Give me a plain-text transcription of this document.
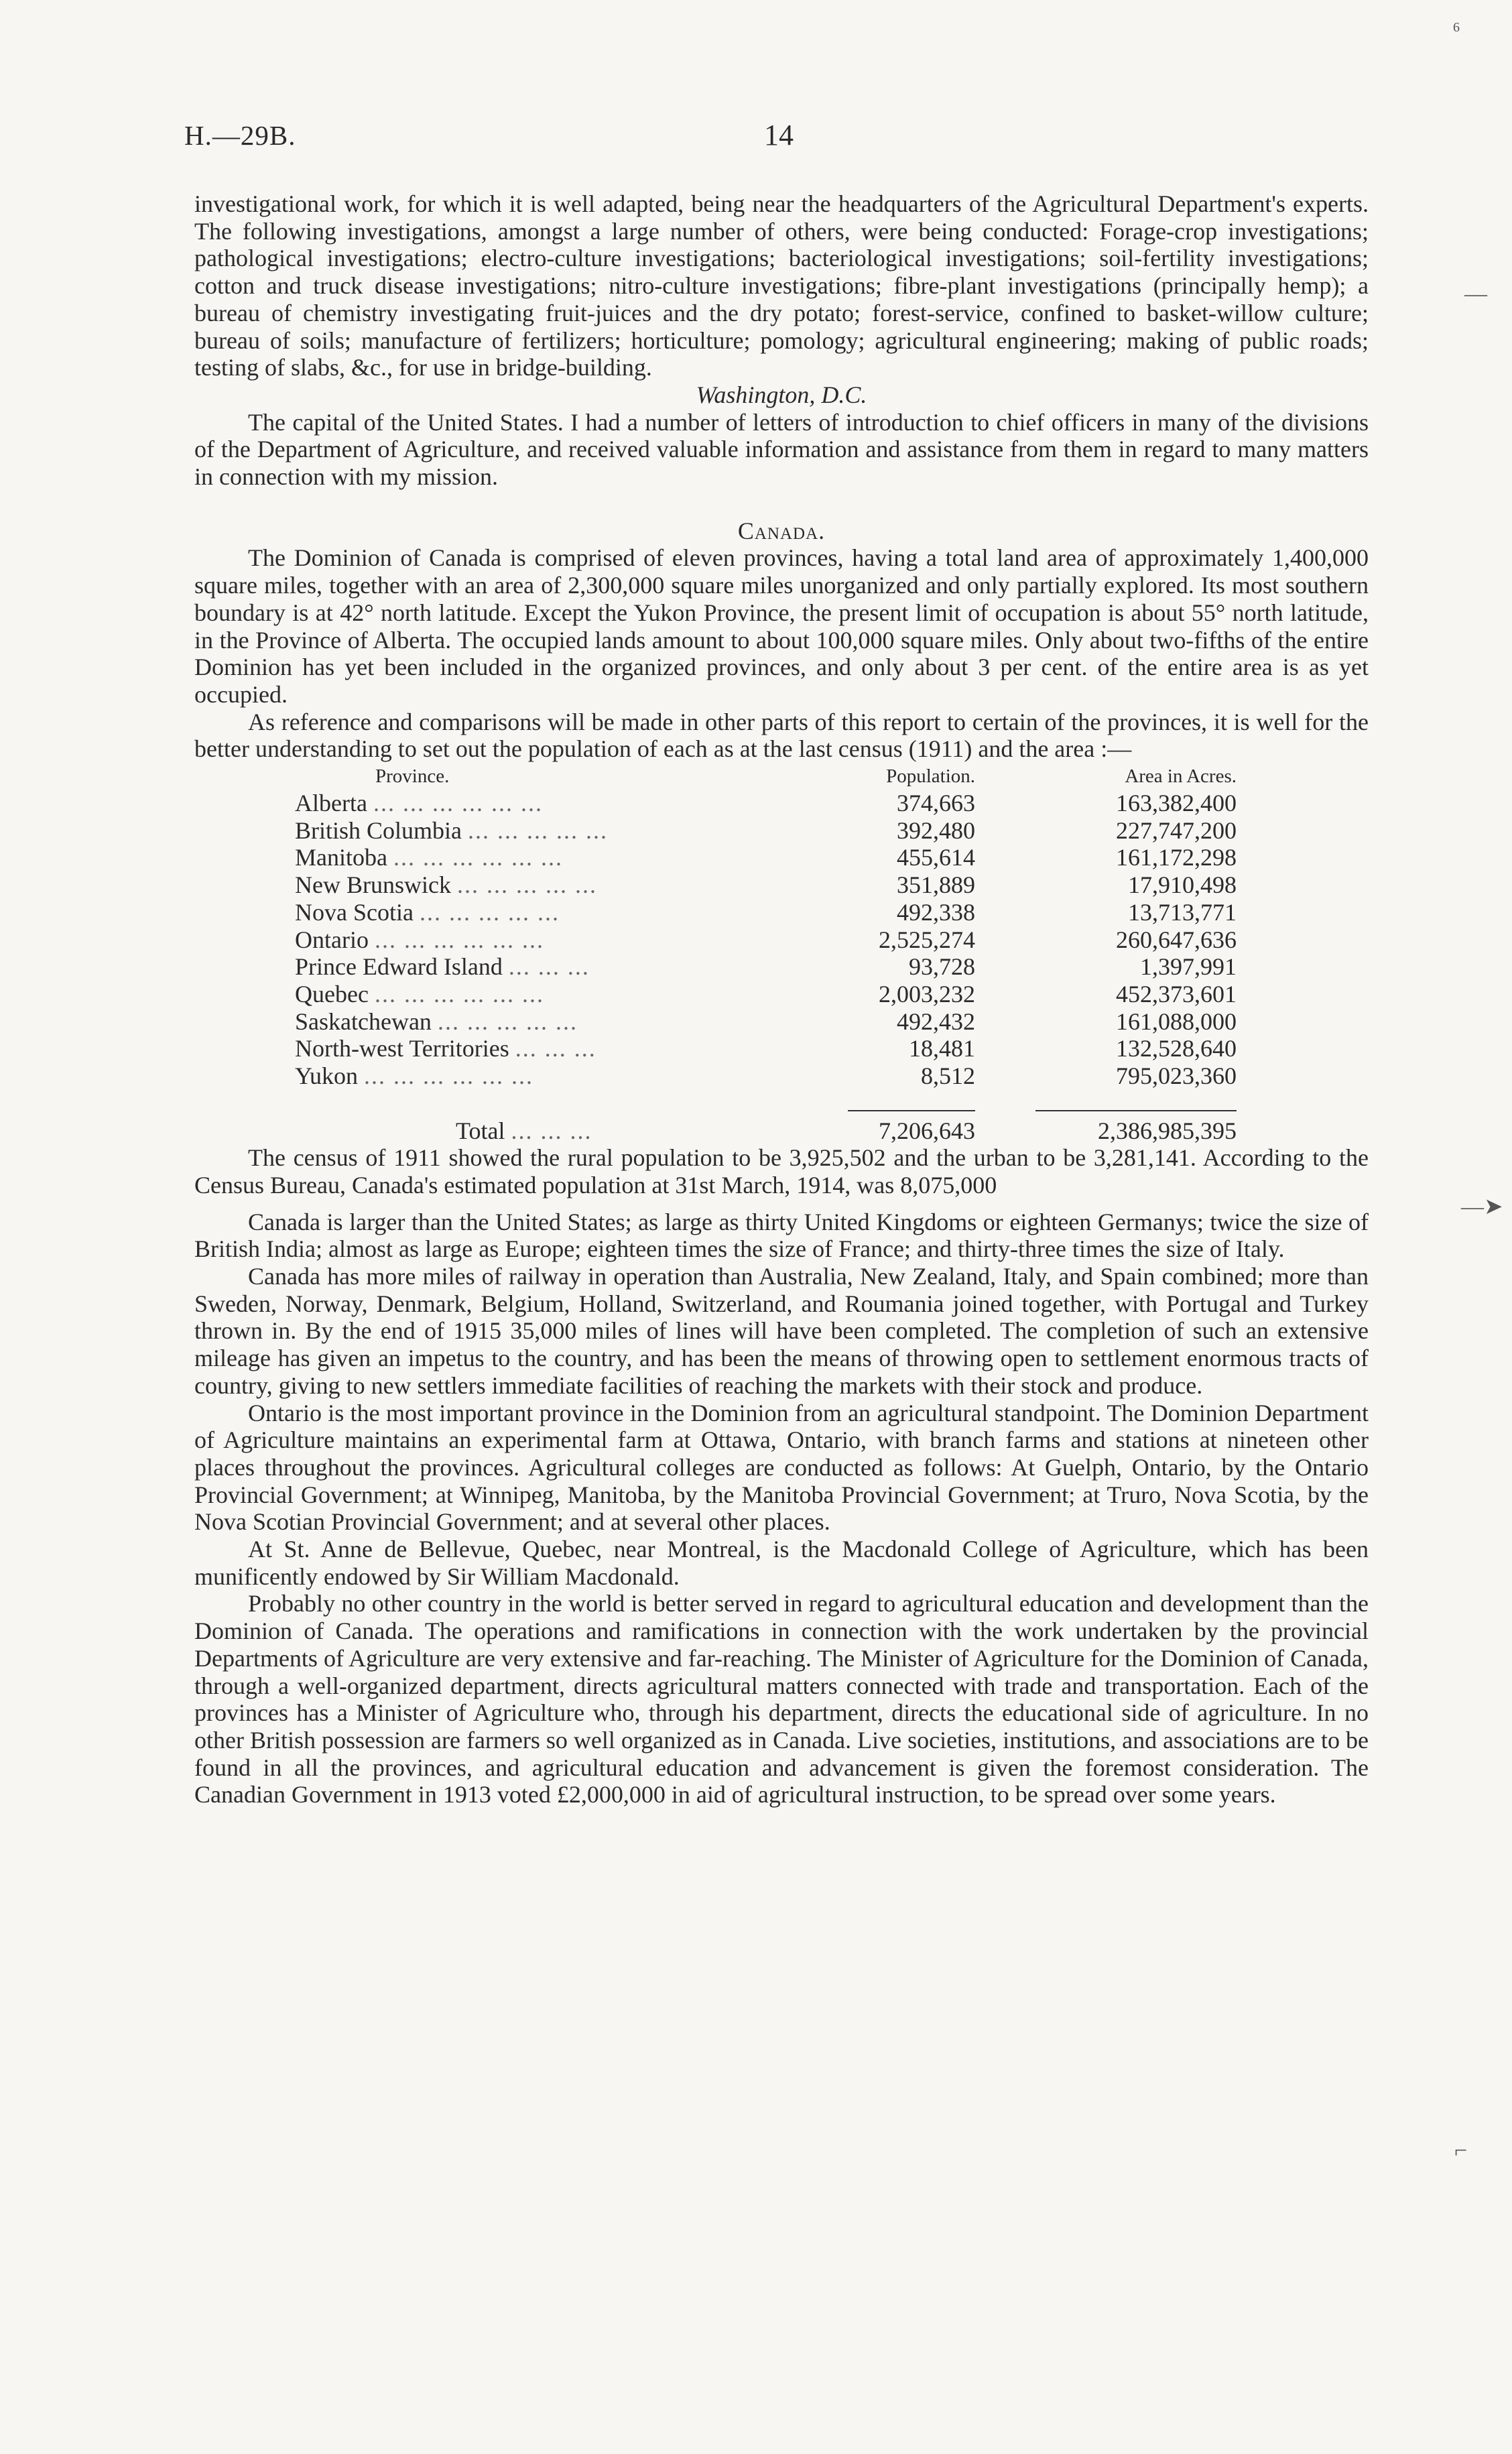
6
H.—29B.	14

investigational work, for which it is well adapted, being near the headquarters of the Agricultural Department's experts. The following investigations, amongst a large number of others, were being conducted: Forage-crop investigations; pathological investigations; electro-culture investigations; bacteriological investigations; soil-fertility investigations; cotton and truck disease investigations; nitro-culture investigations; fibre-plant investigations (principally hemp); a bureau of chemistry investigating fruit-juices and the dry potato; forest-service, confined to basket-willow culture; bureau of soils; manufacture of fertilizers; horticulture; pomology; agricultural engineering; making of public roads; testing of slabs, &c., for use in bridge-building.

Washington, D.C.

The capital of the United States. I had a number of letters of introduction to chief officers in many of the divisions of the Department of Agriculture, and received valuable information and assistance from them in regard to many matters in connection with my mission.

Canada.

The Dominion of Canada is comprised of eleven provinces, having a total land area of approximately 1,400,000 square miles, together with an area of 2,300,000 square miles unorganized and only partially explored. Its most southern boundary is at 42° north latitude. Except the Yukon Province, the present limit of occupation is about 55° north latitude, in the Province of Alberta. The occupied lands amount to about 100,000 square miles. Only about two-fifths of the entire Dominion has yet been included in the organized provinces, and only about 3 per cent. of the entire area is as yet occupied.

As reference and comparisons will be made in other parts of this report to certain of the provinces, it is well for the better understanding to set out the population of each as at the last census (1911) and the area :—

Province.	Population.	Area in Acres.
Alberta ... ... ... ... ... ...	374,663	163,382,400
British Columbia ... ... ... ... ...	392,480	227,747,200
Manitoba ... ... ... ... ... ...	455,614	161,172,298
New Brunswick ... ... ... ... ...	351,889	17,910,498
Nova Scotia ... ... ... ... ...	492,338	13,713,771
Ontario ... ... ... ... ... ...	2,525,274	260,647,636
Prince Edward Island ... ... ...	93,728	1,397,991
Quebec ... ... ... ... ... ...	2,003,232	452,373,601
Saskatchewan ... ... ... ... ...	492,432	161,088,000
North-west Territories ... ... ...	18,481	132,528,640
Yukon ... ... ... ... ... ...	8,512	795,023,360

Total ... ... ...	7,206,643	2,386,985,395

The census of 1911 showed the rural population to be 3,925,502 and the urban to be 3,281,141. According to the Census Bureau, Canada's estimated population at 31st March, 1914, was 8,075,000

Canada is larger than the United States; as large as thirty United Kingdoms or eighteen Germanys; twice the size of British India; almost as large as Europe; eighteen times the size of France; and thirty-three times the size of Italy.

Canada has more miles of railway in operation than Australia, New Zealand, Italy, and Spain combined; more than Sweden, Norway, Denmark, Belgium, Holland, Switzerland, and Roumania joined together, with Portugal and Turkey thrown in. By the end of 1915 35,000 miles of lines will have been completed. The completion of such an extensive mileage has given an impetus to the country, and has been the means of throwing open to settlement enormous tracts of country, giving to new settlers immediate facilities of reaching the markets with their stock and produce.

Ontario is the most important province in the Dominion from an agricultural standpoint. The Dominion Department of Agriculture maintains an experimental farm at Ottawa, Ontario, with branch farms and stations at nineteen other places throughout the provinces. Agricultural colleges are conducted as follows: At Guelph, Ontario, by the Ontario Provincial Government; at Winnipeg, Manitoba, by the Manitoba Provincial Government; at Truro, Nova Scotia, by the Nova Scotian Provincial Government; and at several other places.

At St. Anne de Bellevue, Quebec, near Montreal, is the Macdonald College of Agriculture, which has been munificently endowed by Sir William Macdonald.

Probably no other country in the world is better served in regard to agricultural education and development than the Dominion of Canada. The operations and ramifications in connection with the work undertaken by the provincial Departments of Agriculture are very extensive and far-reaching. The Minister of Agriculture for the Dominion of Canada, through a well-organized department, directs agricultural matters connected with trade and transportation. Each of the provinces has a Minister of Agriculture who, through his department, directs the educational side of agriculture. In no other British possession are farmers so well organized as in Canada. Live societies, institutions, and associations are to be found in all the provinces, and agricultural education and advancement is given the foremost consideration. The Canadian Government in 1913 voted £2,000,000 in aid of agricultural instruction, to be spread over some years.

—
—➤
⌐
